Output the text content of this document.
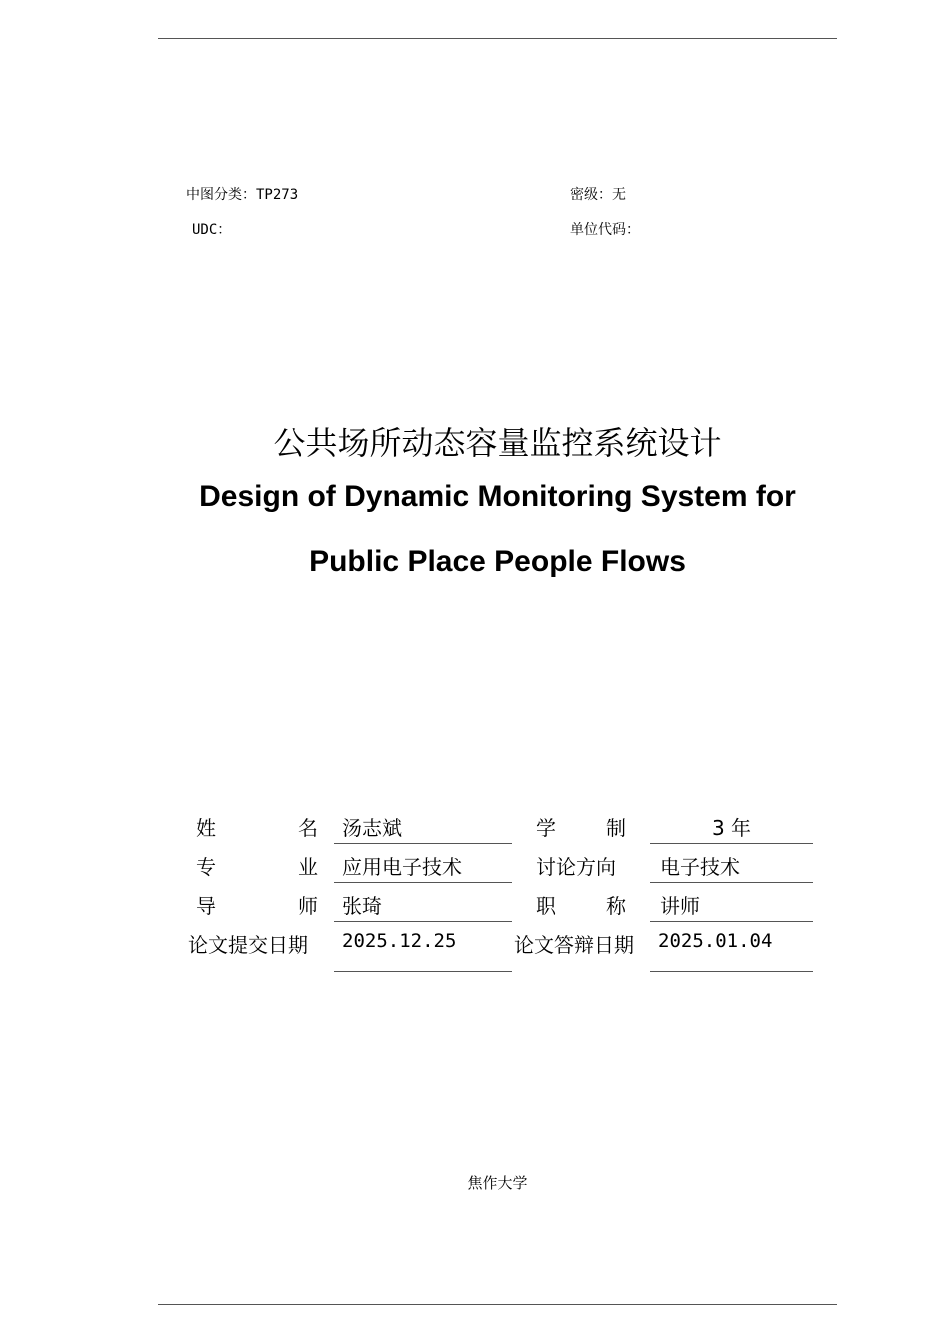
中图分类：TP273	密级：无
UDC：	单位代码：
公共场所动态容量监控系统设计
Design of Dynamic Monitoring System for
Public Place People Flows
姓	名 汤志斌	学	制	3 年
专	业 应用电子技术	讨论方向	电子技术
导	师 张琦	职	称 讲师
论文提交日期 2025.12.25	论文答辩日期 2025.01.04
焦作大学
